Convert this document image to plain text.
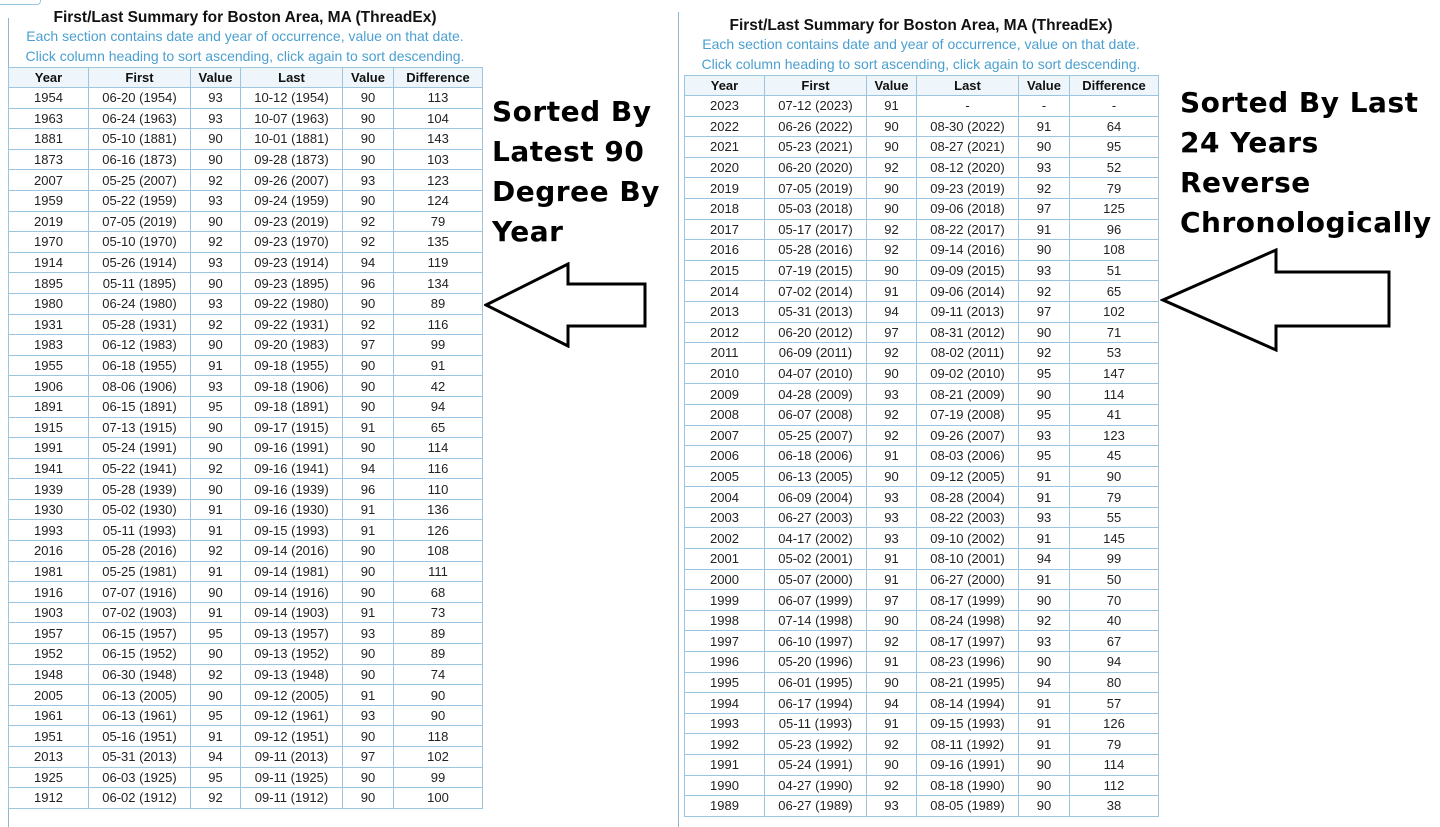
First/Last Summary for Boston Area, MA (ThreadEx)
Each section contains date and year of occurrence, value on that date.
Click column heading to sort ascending, click again to sort descending.
Year	First	Value	Last	Value	Difference
1954	06-20 (1954)	93	10-12 (1954)	90	113
1963	06-24 (1963)	93	10-07 (1963)	90	104
1881	05-10 (1881)	90	10-01 (1881)	90	143
1873	06-16 (1873)	90	09-28 (1873)	90	103
2007	05-25 (2007)	92	09-26 (2007)	93	123
1959	05-22 (1959)	93	09-24 (1959)	90	124
2019	07-05 (2019)	90	09-23 (2019)	92	79
1970	05-10 (1970)	92	09-23 (1970)	92	135
1914	05-26 (1914)	93	09-23 (1914)	94	119
1895	05-11 (1895)	90	09-23 (1895)	96	134
1980	06-24 (1980)	93	09-22 (1980)	90	89
1931	05-28 (1931)	92	09-22 (1931)	92	116
1983	06-12 (1983)	90	09-20 (1983)	97	99
1955	06-18 (1955)	91	09-18 (1955)	90	91
1906	08-06 (1906)	93	09-18 (1906)	90	42
1891	06-15 (1891)	95	09-18 (1891)	90	94
1915	07-13 (1915)	90	09-17 (1915)	91	65
1991	05-24 (1991)	90	09-16 (1991)	90	114
1941	05-22 (1941)	92	09-16 (1941)	94	116
1939	05-28 (1939)	90	09-16 (1939)	96	110
1930	05-02 (1930)	91	09-16 (1930)	91	136
1993	05-11 (1993)	91	09-15 (1993)	91	126
2016	05-28 (2016)	92	09-14 (2016)	90	108
1981	05-25 (1981)	91	09-14 (1981)	90	111
1916	07-07 (1916)	90	09-14 (1916)	90	68
1903	07-02 (1903)	91	09-14 (1903)	91	73
1957	06-15 (1957)	95	09-13 (1957)	93	89
1952	06-15 (1952)	90	09-13 (1952)	90	89
1948	06-30 (1948)	92	09-13 (1948)	90	74
2005	06-13 (2005)	90	09-12 (2005)	91	90
1961	06-13 (1961)	95	09-12 (1961)	93	90
1951	05-16 (1951)	91	09-12 (1951)	90	118
2013	05-31 (2013)	94	09-11 (2013)	97	102
1925	06-03 (1925)	95	09-11 (1925)	90	99
1912	06-02 (1912)	92	09-11 (1912)	90	100
First/Last Summary for Boston Area, MA (ThreadEx)
Each section contains date and year of occurrence, value on that date.
Click column heading to sort ascending, click again to sort descending.
Year	First	Value	Last	Value	Difference
2023	07-12 (2023)	91	-	-	-
2022	06-26 (2022)	90	08-30 (2022)	91	64
2021	05-23 (2021)	90	08-27 (2021)	90	95
2020	06-20 (2020)	92	08-12 (2020)	93	52
2019	07-05 (2019)	90	09-23 (2019)	92	79
2018	05-03 (2018)	90	09-06 (2018)	97	125
2017	05-17 (2017)	92	08-22 (2017)	91	96
2016	05-28 (2016)	92	09-14 (2016)	90	108
2015	07-19 (2015)	90	09-09 (2015)	93	51
2014	07-02 (2014)	91	09-06 (2014)	92	65
2013	05-31 (2013)	94	09-11 (2013)	97	102
2012	06-20 (2012)	97	08-31 (2012)	90	71
2011	06-09 (2011)	92	08-02 (2011)	92	53
2010	04-07 (2010)	90	09-02 (2010)	95	147
2009	04-28 (2009)	93	08-21 (2009)	90	114
2008	06-07 (2008)	92	07-19 (2008)	95	41
2007	05-25 (2007)	92	09-26 (2007)	93	123
2006	06-18 (2006)	91	08-03 (2006)	95	45
2005	06-13 (2005)	90	09-12 (2005)	91	90
2004	06-09 (2004)	93	08-28 (2004)	91	79
2003	06-27 (2003)	93	08-22 (2003)	93	55
2002	04-17 (2002)	93	09-10 (2002)	91	145
2001	05-02 (2001)	91	08-10 (2001)	94	99
2000	05-07 (2000)	91	06-27 (2000)	91	50
1999	06-07 (1999)	97	08-17 (1999)	90	70
1998	07-14 (1998)	90	08-24 (1998)	92	40
1997	06-10 (1997)	92	08-17 (1997)	93	67
1996	05-20 (1996)	91	08-23 (1996)	90	94
1995	06-01 (1995)	90	08-21 (1995)	94	80
1994	06-17 (1994)	94	08-14 (1994)	91	57
1993	05-11 (1993)	91	09-15 (1993)	91	126
1992	05-23 (1992)	92	08-11 (1992)	91	79
1991	05-24 (1991)	90	09-16 (1991)	90	114
1990	04-27 (1990)	92	08-18 (1990)	90	112
1989	06-27 (1989)	93	08-05 (1989)	90	38
Sorted By
Latest 90
Degree By
Year
Sorted By Last
24 Years
Reverse
Chronologically
